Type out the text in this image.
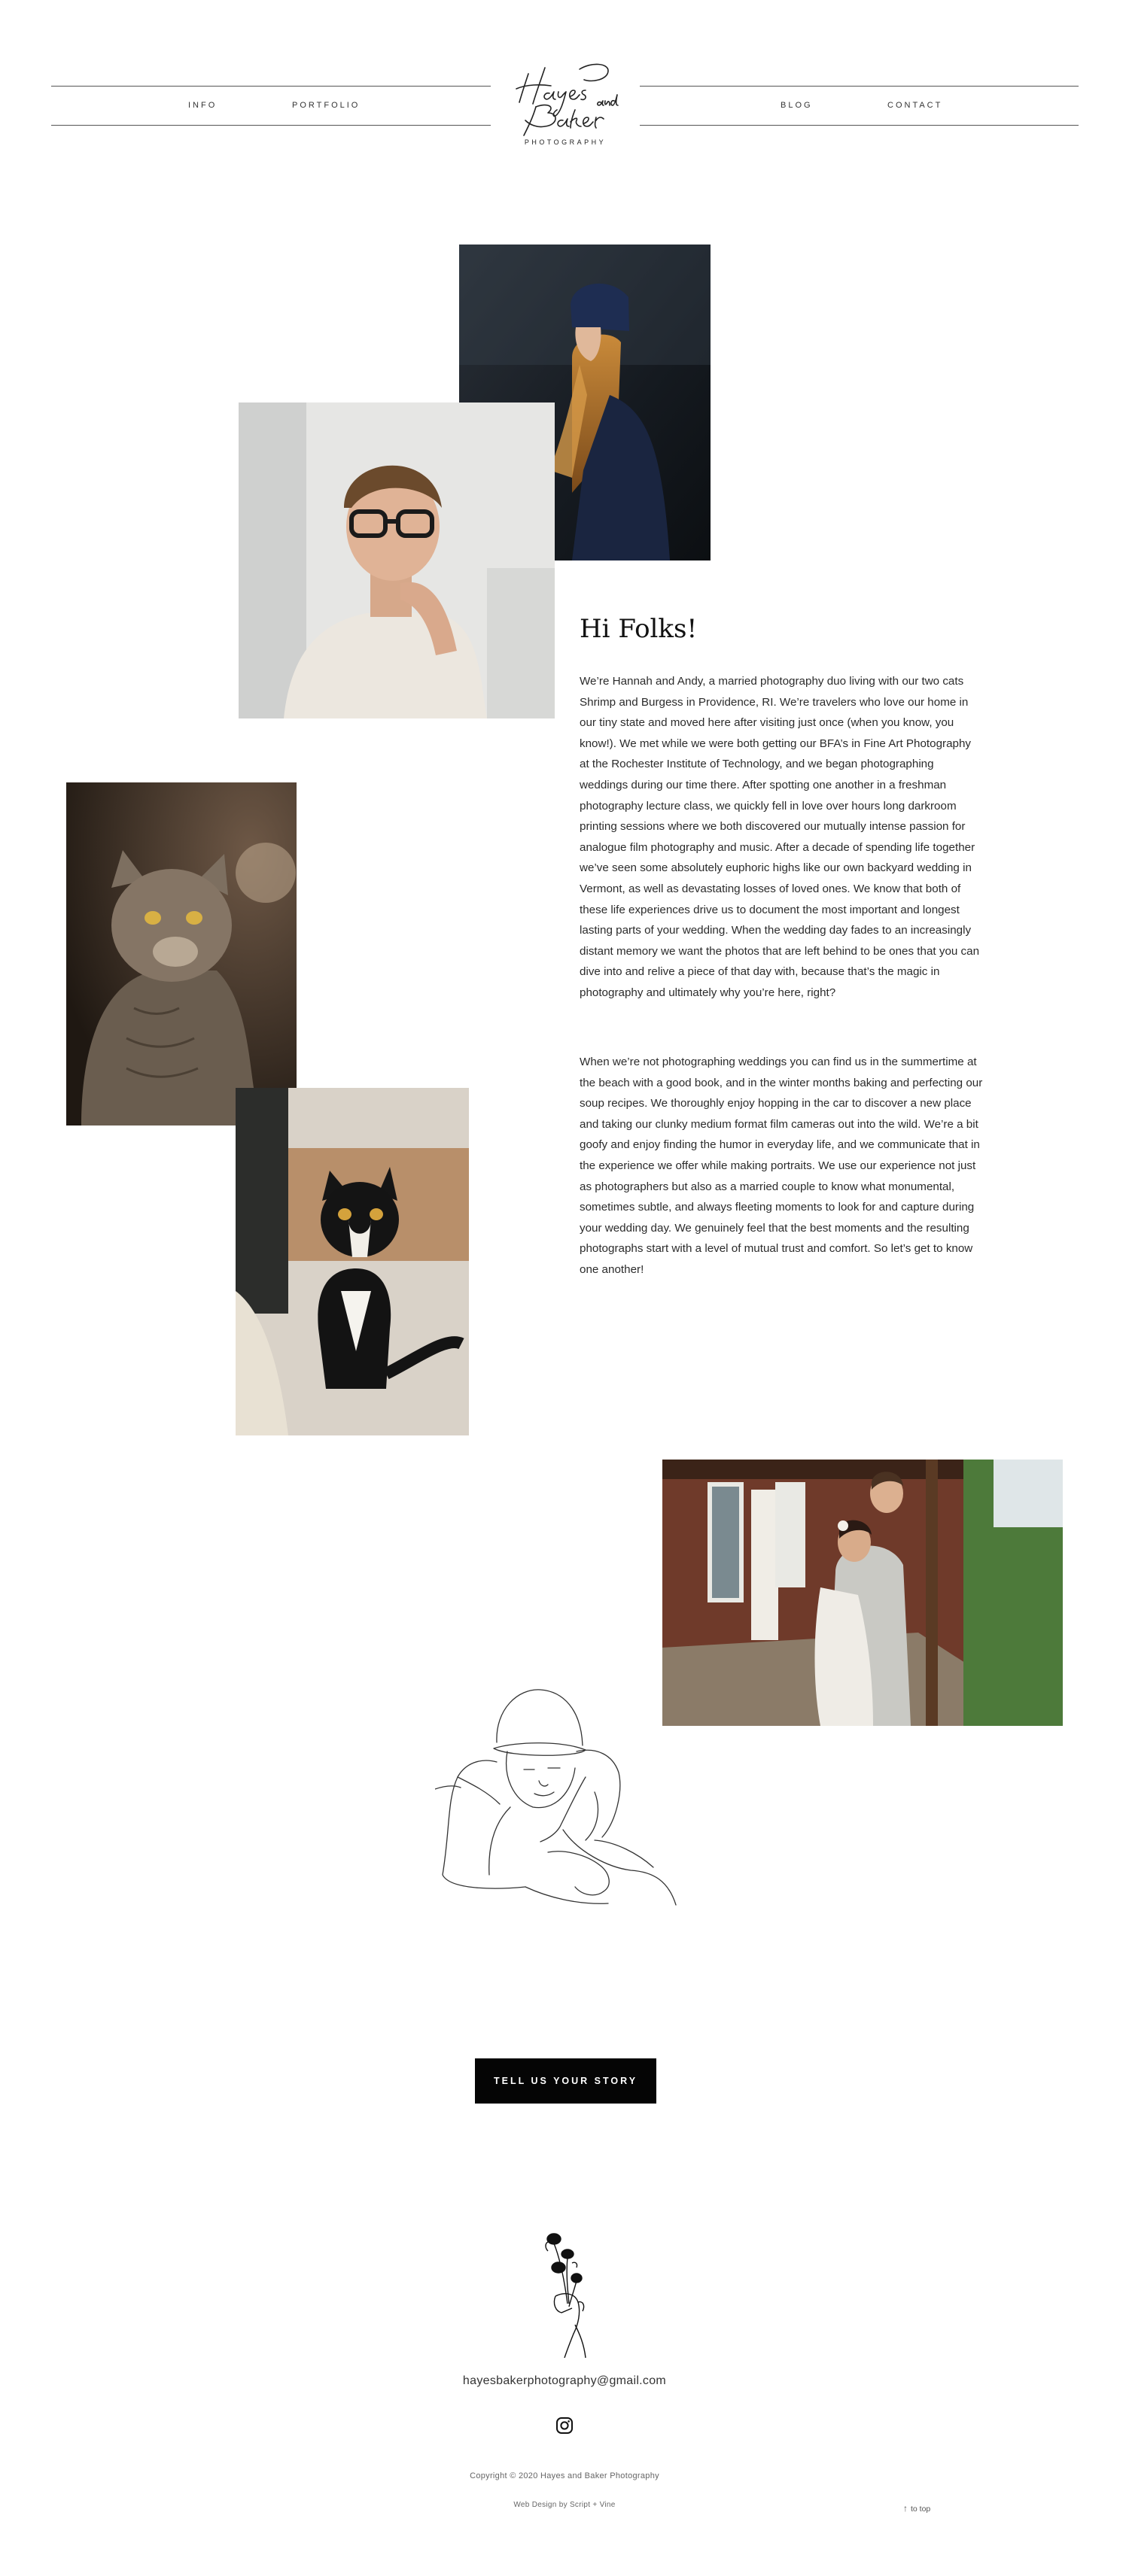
INFO	PORTFOLIO	BLOG	CONTACT
PHOTOGRAPHY
Hi Folks!

We’re Hannah and Andy, a married photography duo living with our two cats Shrimp and Burgess in Providence, RI. We’re travelers who love our home in our tiny state and moved here after visiting just once (when you know, you know!). We met while we were both getting our BFA’s in Fine Art Photography at the Rochester Institute of Technology, and we began photographing weddings during our time there. After spotting one another in a freshman photography lecture class, we quickly fell in love over hours long darkroom printing sessions where we both discovered our mutually intense passion for analogue film photography and music. After a decade of spending life together we’ve seen some absolutely euphoric highs like our own backyard wedding in Vermont, as well as devastating losses of loved ones. We know that both of these life experiences drive us to document the most important and longest lasting parts of your wedding. When the wedding day fades to an increasingly distant memory we want the photos that are left behind to be ones that you can dive into and relive a piece of that day with, because that’s the magic in photography and ultimately why you’re here, right?

When we’re not photographing weddings you can find us in the summertime at the beach with a good book, and in the winter months baking and perfecting our soup recipes. We thoroughly enjoy hopping in the car to discover a new place and taking our clunky medium format film cameras out into the wild. We’re a bit goofy and enjoy finding the humor in everyday life, and we communicate that in the experience we offer while making portraits. We use our experience not just as photographers but also as a married couple to know what monumental, sometimes subtle, and always fleeting moments to look for and capture during your wedding day. We genuinely feel that the best moments and the resulting photographs start with a level of mutual trust and comfort. So let’s get to know one another!

TELL US YOUR STORY
hayesbakerphotography@gmail.com
Copyright © 2020 Hayes and Baker Photography
Web Design by Script + Vine	↑ to top
